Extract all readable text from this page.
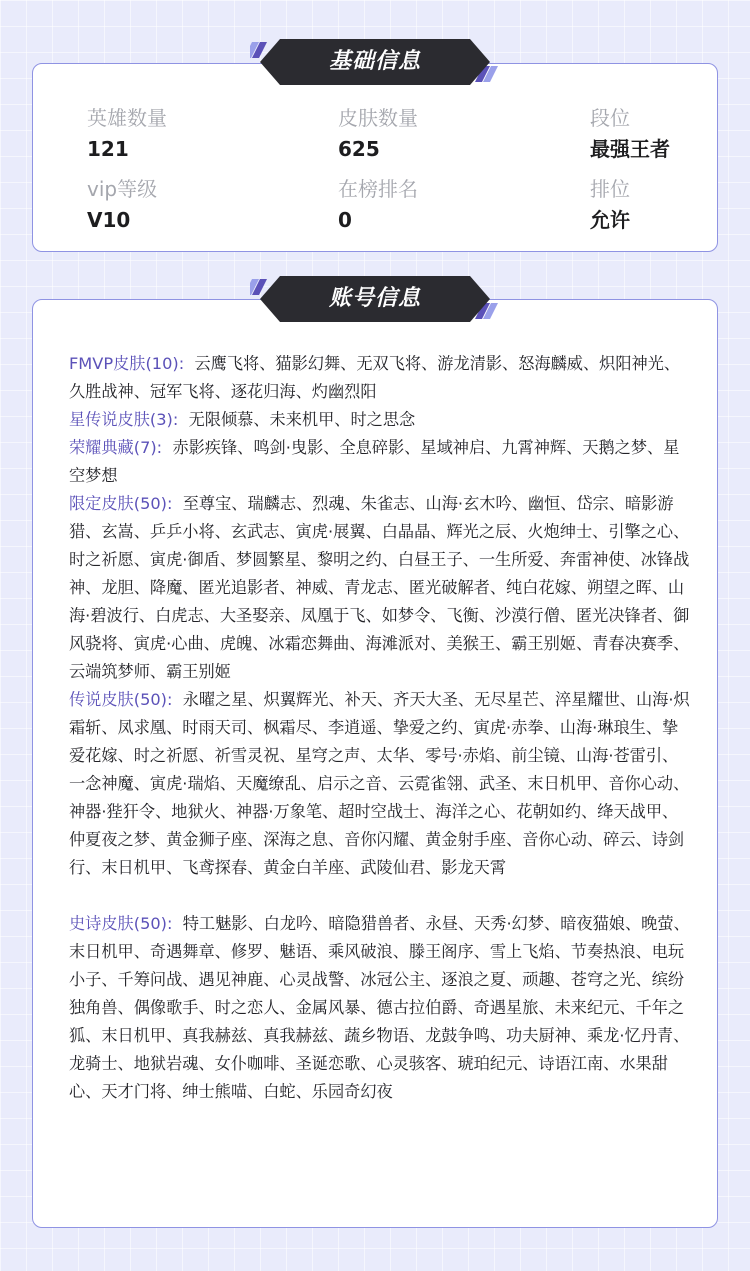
英雄数量
121
皮肤数量
625
段位
最强王者
vip等级
V10
在榜排名
0
排位
允许

FMVP皮肤(10): 云鹰飞将、猫影幻舞、无双飞将、游龙清影、怒海麟威、炽阳神光、久胜战神、冠军飞将、逐花归海、灼幽烈阳

星传说皮肤(3): 无限倾慕、未来机甲、时之思念

荣耀典藏(7): 赤影疾锋、鸣剑·曳影、全息碎影、星域神启、九霄神辉、天鹅之梦、星空梦想

限定皮肤(50): 至尊宝、瑞麟志、烈魂、朱雀志、山海·玄木吟、幽恒、岱宗、暗影游猎、玄嵩、乒乒小将、玄武志、寅虎·展翼、白晶晶、辉光之辰、火炮绅士、引擎之心、时之祈愿、寅虎·御盾、梦圆繁星、黎明之约、白昼王子、一生所爱、奔雷神使、冰锋战神、龙胆、降魔、匿光追影者、神威、青龙志、匿光破解者、纯白花嫁、朔望之晖、山海·碧波行、白虎志、大圣娶亲、凤凰于飞、如梦令、飞衡、沙漠行僧、匿光决锋者、御风骁将、寅虎·心曲、虎魄、冰霜恋舞曲、海滩派对、美猴王、霸王别姬、青春决赛季、云端筑梦师、霸王别姬

传说皮肤(50): 永曜之星、炽翼辉光、补天、齐天大圣、无尽星芒、淬星耀世、山海·炽霜斩、凤求凰、时雨天司、枫霜尽、李逍遥、挚爱之约、寅虎·赤拳、山海·琳琅生、挚爱花嫁、时之祈愿、祈雪灵祝、星穹之声、太华、零号·赤焰、前尘镜、山海·苍雷引、一念神魔、寅虎·瑞焰、天魔缭乱、启示之音、云霓雀翎、武圣、末日机甲、音你心动、神器·狴犴令、地狱火、神器·万象笔、超时空战士、海洋之心、花朝如约、绛天战甲、仲夏夜之梦、黄金狮子座、深海之息、音你闪耀、黄金射手座、音你心动、碎云、诗剑行、末日机甲、飞鸢探春、黄金白羊座、武陵仙君、影龙天霄

史诗皮肤(50): 特工魅影、白龙吟、暗隐猎兽者、永昼、天秀·幻梦、暗夜猫娘、晚萤、末日机甲、奇遇舞章、修罗、魅语、乘风破浪、滕王阁序、雪上飞焰、节奏热浪、电玩小子、千筹问战、遇见神鹿、心灵战警、冰冠公主、逐浪之夏、顽趣、苍穹之光、缤纷独角兽、偶像歌手、时之恋人、金属风暴、德古拉伯爵、奇遇星旅、未来纪元、千年之狐、末日机甲、真我赫兹、真我赫兹、蔬乡物语、龙鼓争鸣、功夫厨神、乘龙·忆丹青、龙骑士、地狱岩魂、女仆咖啡、圣诞恋歌、心灵骇客、琥珀纪元、诗语江南、水果甜心、天才门将、绅士熊喵、白蛇、乐园奇幻夜

基础信息
账号信息
